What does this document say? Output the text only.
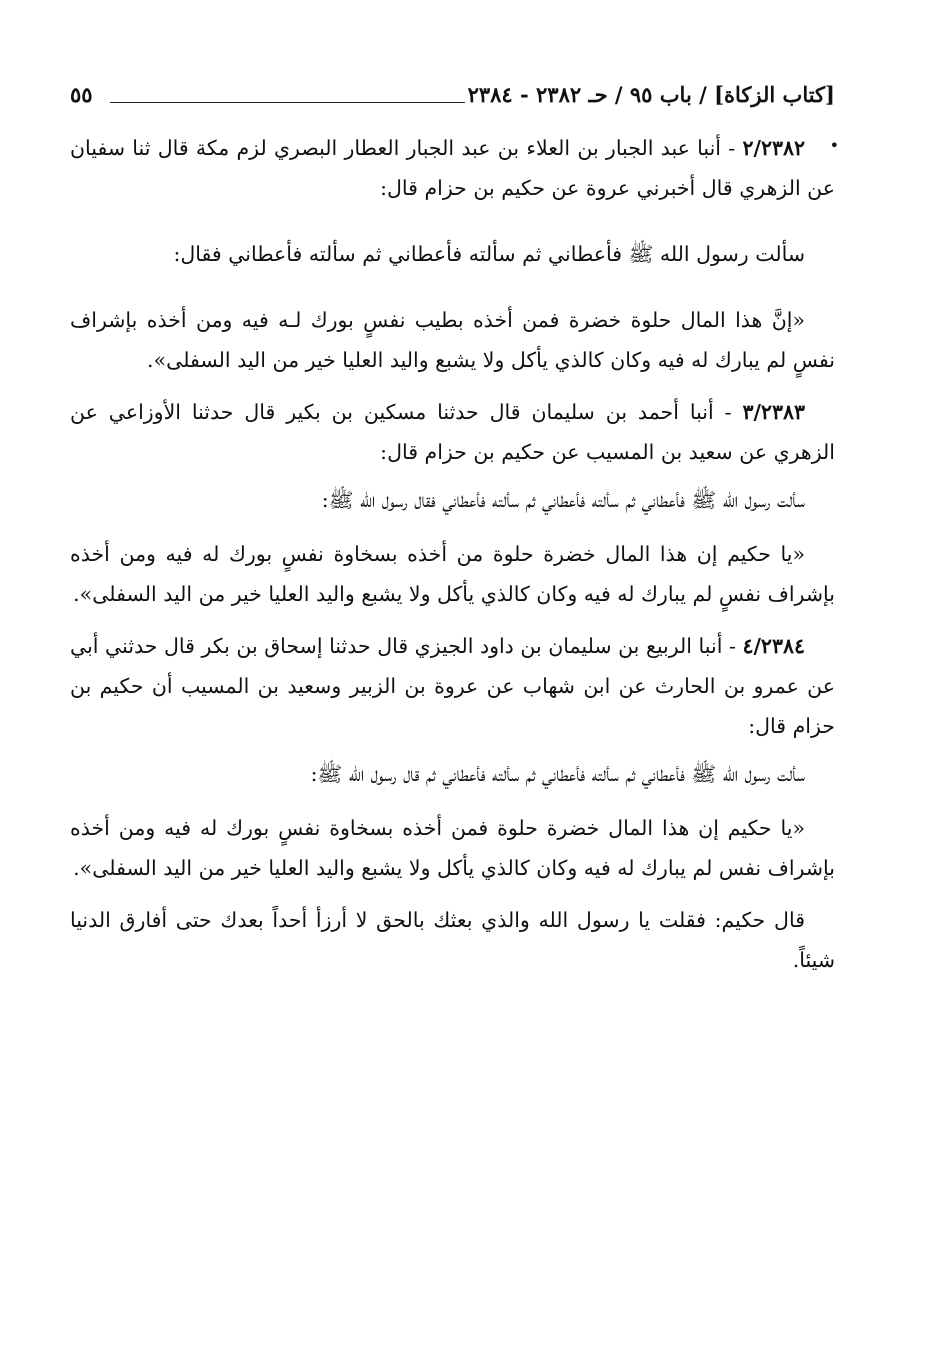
[كتاب الزكاة] / باب ٩٥ / حـ ٢٣٨٢ - ٢٣٨٤
٥٥
•

٢/٢٣٨٢ - أنبا عبد الجبار بن العلاء بن عبد الجبار العطار البصري لزم مكة قال ثنا سفيان عن الزهري قال أخبرني عروة عن حكيم بن حزام قال:

سألت رسول الله ﷺ فأعطاني ثم سألته فأعطاني ثم سألته فأعطاني فقال:

«إنَّ هذا المال حلوة خضرة فمن أخذه بطيب نفسٍ بورك لـه فيه ومن أخذه بإشراف نفسٍ لم يبارك له فيه وكان كالذي يأكل ولا يشبع واليد العليا خير من اليد السفلى».

٣/٢٣٨٣ - أنبا أحمد بن سليمان قال حدثنا مسكين بن بكير قال حدثنا الأوزاعي عن الزهري عن سعيد بن المسيب عن حكيم بن حزام قال:

سألت رسول الله ﷺ فأعطاني ثم سألته فأعطاني ثم سألته فأعطاني فقال رسول الله ﷺ:

«يا حكيم إن هذا المال خضرة حلوة من أخذه بسخاوة نفسٍ بورك له فيه ومن أخذه بإشراف نفسٍ لم يبارك له فيه وكان كالذي يأكل ولا يشبع واليد العليا خير من اليد السفلى».

٤/٢٣٨٤ - أنبا الربيع بن سليمان بن داود الجيزي قال حدثنا إسحاق بن بكر قال حدثني أبي عن عمرو بن الحارث عن ابن شهاب عن عروة بن الزبير وسعيد بن المسيب أن حكيم بن حزام قال:

سألت رسول الله ﷺ فأعطاني ثم سألته فأعطاني ثم سألته فأعطاني ثم قال رسول الله ﷺ:

«يا حكيم إن هذا المال خضرة حلوة فمن أخذه بسخاوة نفسٍ بورك له فيه ومن أخذه بإشراف نفس لم يبارك له فيه وكان كالذي يأكل ولا يشبع واليد العليا خير من اليد السفلى».

قال حكيم: فقلت يا رسول الله والذي بعثك بالحق لا أرزأ أحداً بعدك حتى أفارق الدنيا شيئاً.
